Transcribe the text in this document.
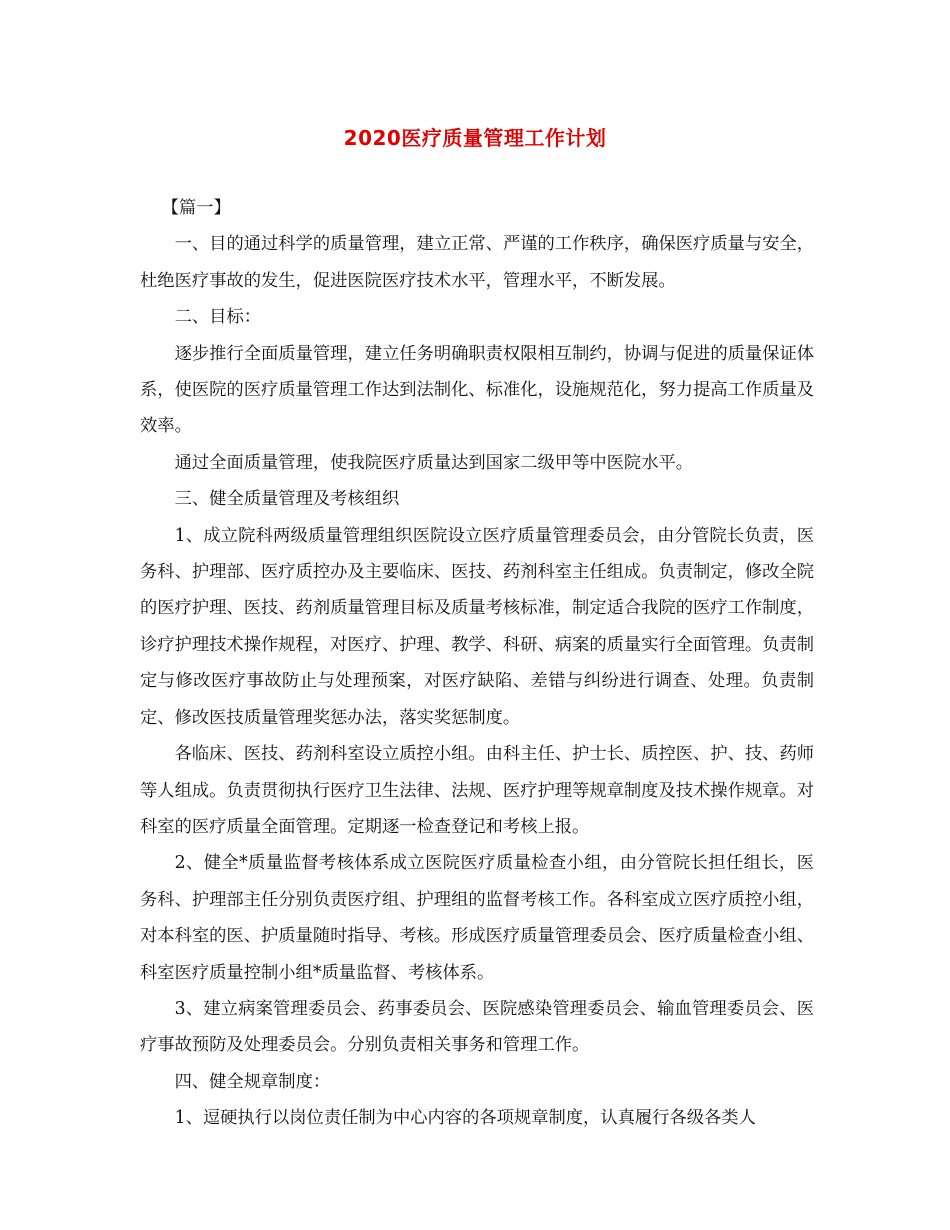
2020医疗质量管理工作计划

【篇一】

一、目的通过科学的质量管理，建立正常、严谨的工作秩序，确保医疗质量与安全，杜绝医疗事故的发生，促进医院医疗技术水平，管理水平，不断发展。

二、目标：

逐步推行全面质量管理，建立任务明确职责权限相互制约，协调与促进的质量保证体系，使医院的医疗质量管理工作达到法制化、标准化，设施规范化，努力提高工作质量及效率。

通过全面质量管理，使我院医疗质量达到国家二级甲等中医院水平。

三、健全质量管理及考核组织

1、成立院科两级质量管理组织医院设立医疗质量管理委员会，由分管院长负责，医务科、护理部、医疗质控办及主要临床、医技、药剂科室主任组成。负责制定，修改全院的医疗护理、医技、药剂质量管理目标及质量考核标准，制定适合我院的医疗工作制度，诊疗护理技术操作规程，对医疗、护理、教学、科研、病案的质量实行全面管理。负责制定与修改医疗事故防止与处理预案，对医疗缺陷、差错与纠纷进行调查、处理。负责制定、修改医技质量管理奖惩办法，落实奖惩制度。

各临床、医技、药剂科室设立质控小组。由科主任、护士长、质控医、护、技、药师等人组成。负责贯彻执行医疗卫生法律、法规、医疗护理等规章制度及技术操作规章。对科室的医疗质量全面管理。定期逐一检查登记和考核上报。

2、健全*质量监督考核体系成立医院医疗质量检查小组，由分管院长担任组长，医务科、护理部主任分别负责医疗组、护理组的监督考核工作。各科室成立医疗质控小组，对本科室的医、护质量随时指导、考核。形成医疗质量管理委员会、医疗质量检查小组、科室医疗质量控制小组*质量监督、考核体系。

3、建立病案管理委员会、药事委员会、医院感染管理委员会、输血管理委员会、医疗事故预防及处理委员会。分别负责相关事务和管理工作。

四、健全规章制度：

1、逗硬执行以岗位责任制为中心内容的各项规章制度，认真履行各级各类人
